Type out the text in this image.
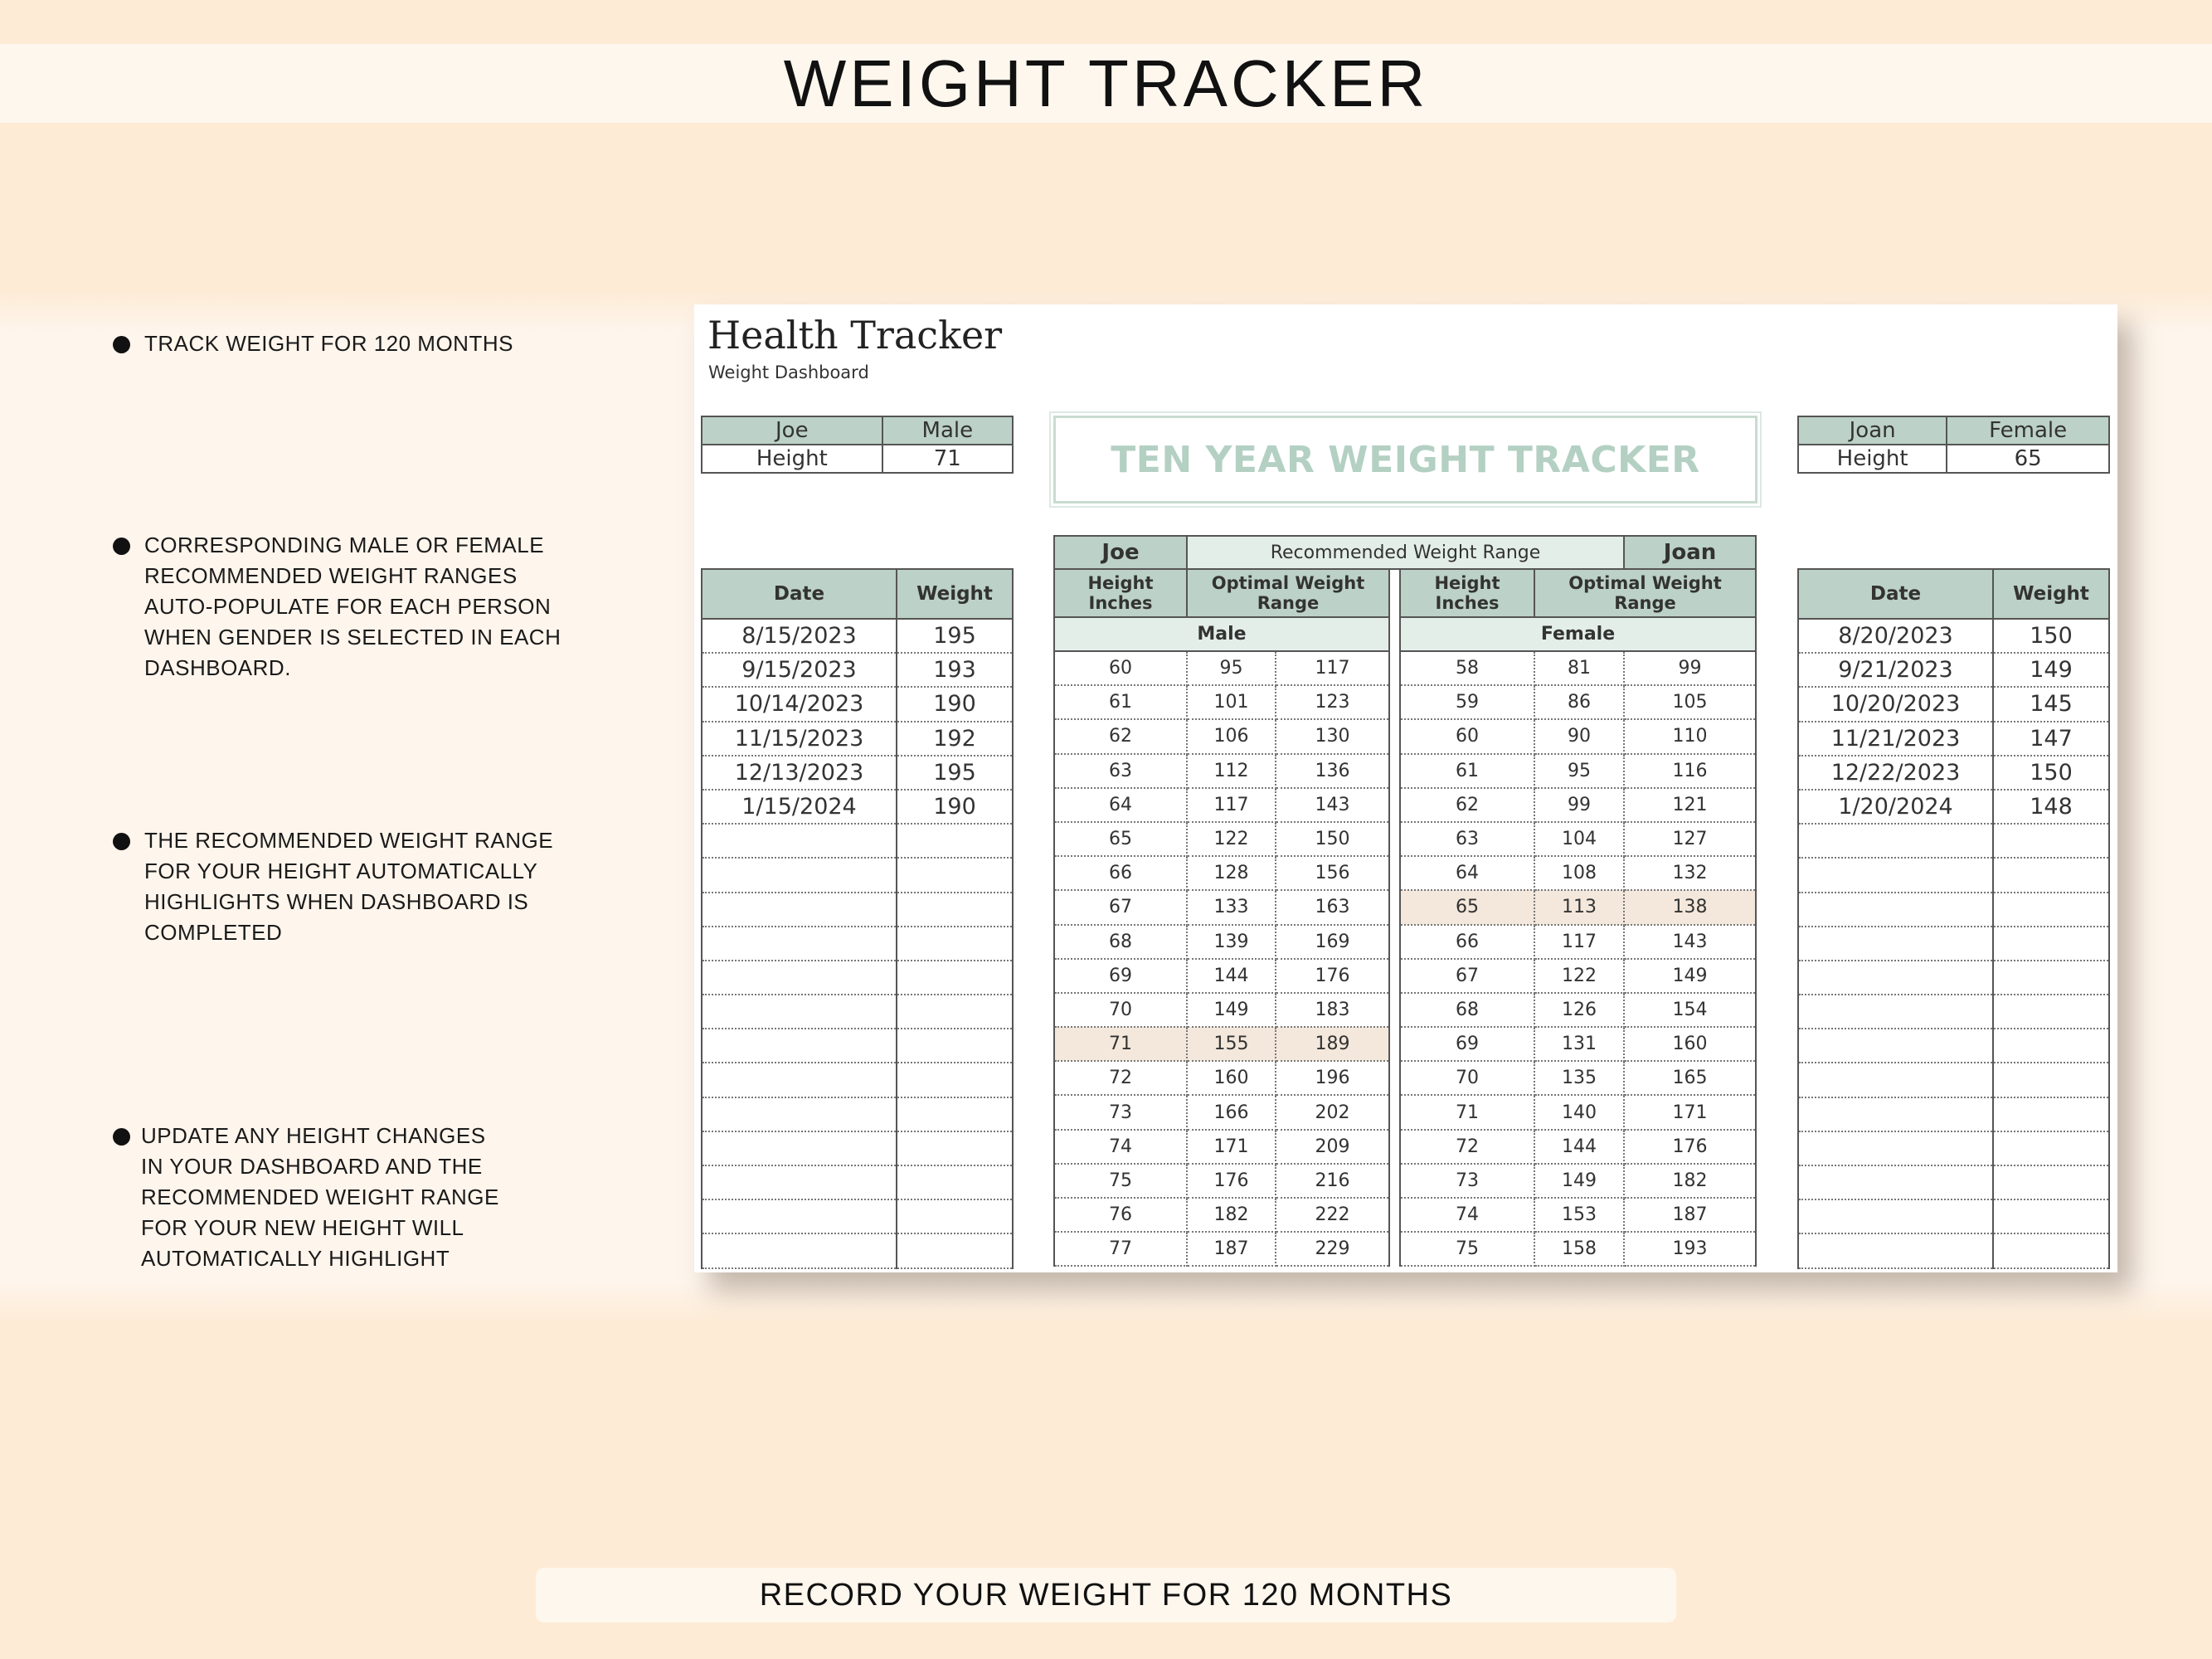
WEIGHT TRACKER
TRACK WEIGHT FOR 120 MONTHS
CORRESPONDING MALE OR FEMALE
RECOMMENDED WEIGHT RANGES
AUTO-POPULATE FOR EACH PERSON
WHEN GENDER IS SELECTED IN EACH
DASHBOARD.
THE RECOMMENDED WEIGHT RANGE
FOR YOUR HEIGHT AUTOMATICALLY
HIGHLIGHTS WHEN DASHBOARD IS
COMPLETED
UPDATE ANY HEIGHT CHANGES
IN YOUR DASHBOARD AND THE
RECOMMENDED WEIGHT RANGE
FOR YOUR NEW HEIGHT WILL
AUTOMATICALLY HIGHLIGHT
Health Tracker
Weight Dashboard
Joe	Male
Height	71	TEN YEAR WEIGHT TRACKER
Joan	Female
Height	65
Date	Weight
8/15/2023	195
9/15/2023	193
10/14/2023	190
11/15/2023	192
12/13/2023	195
1/15/2024	190

Joe	Recommended Weight Range					Joan
Height Inches	Optimal Weight Range			Height Inches	Optimal Weight Range	
Male				Female		
60	95	117		58	81	99
61	101	123		59	86	105
62	106	130		60	90	110
63	112	136		61	95	116
64	117	143		62	99	121
65	122	150		63	104	127
66	128	156		64	108	132
67	133	163		65	113	138
68	139	169		66	117	143
69	144	176		67	122	149
70	149	183		68	126	154
71	155	189		69	131	160
72	160	196		70	135	165
73	166	202		71	140	171
74	171	209		72	144	176
75	176	216		73	149	182
76	182	222		74	153	187
77	187	229		75	158	193
Date	Weight
8/20/2023	150
9/21/2023	149
10/20/2023	145
11/21/2023	147
12/22/2023	150
1/20/2024	148

RECORD YOUR WEIGHT FOR 120 MONTHS
